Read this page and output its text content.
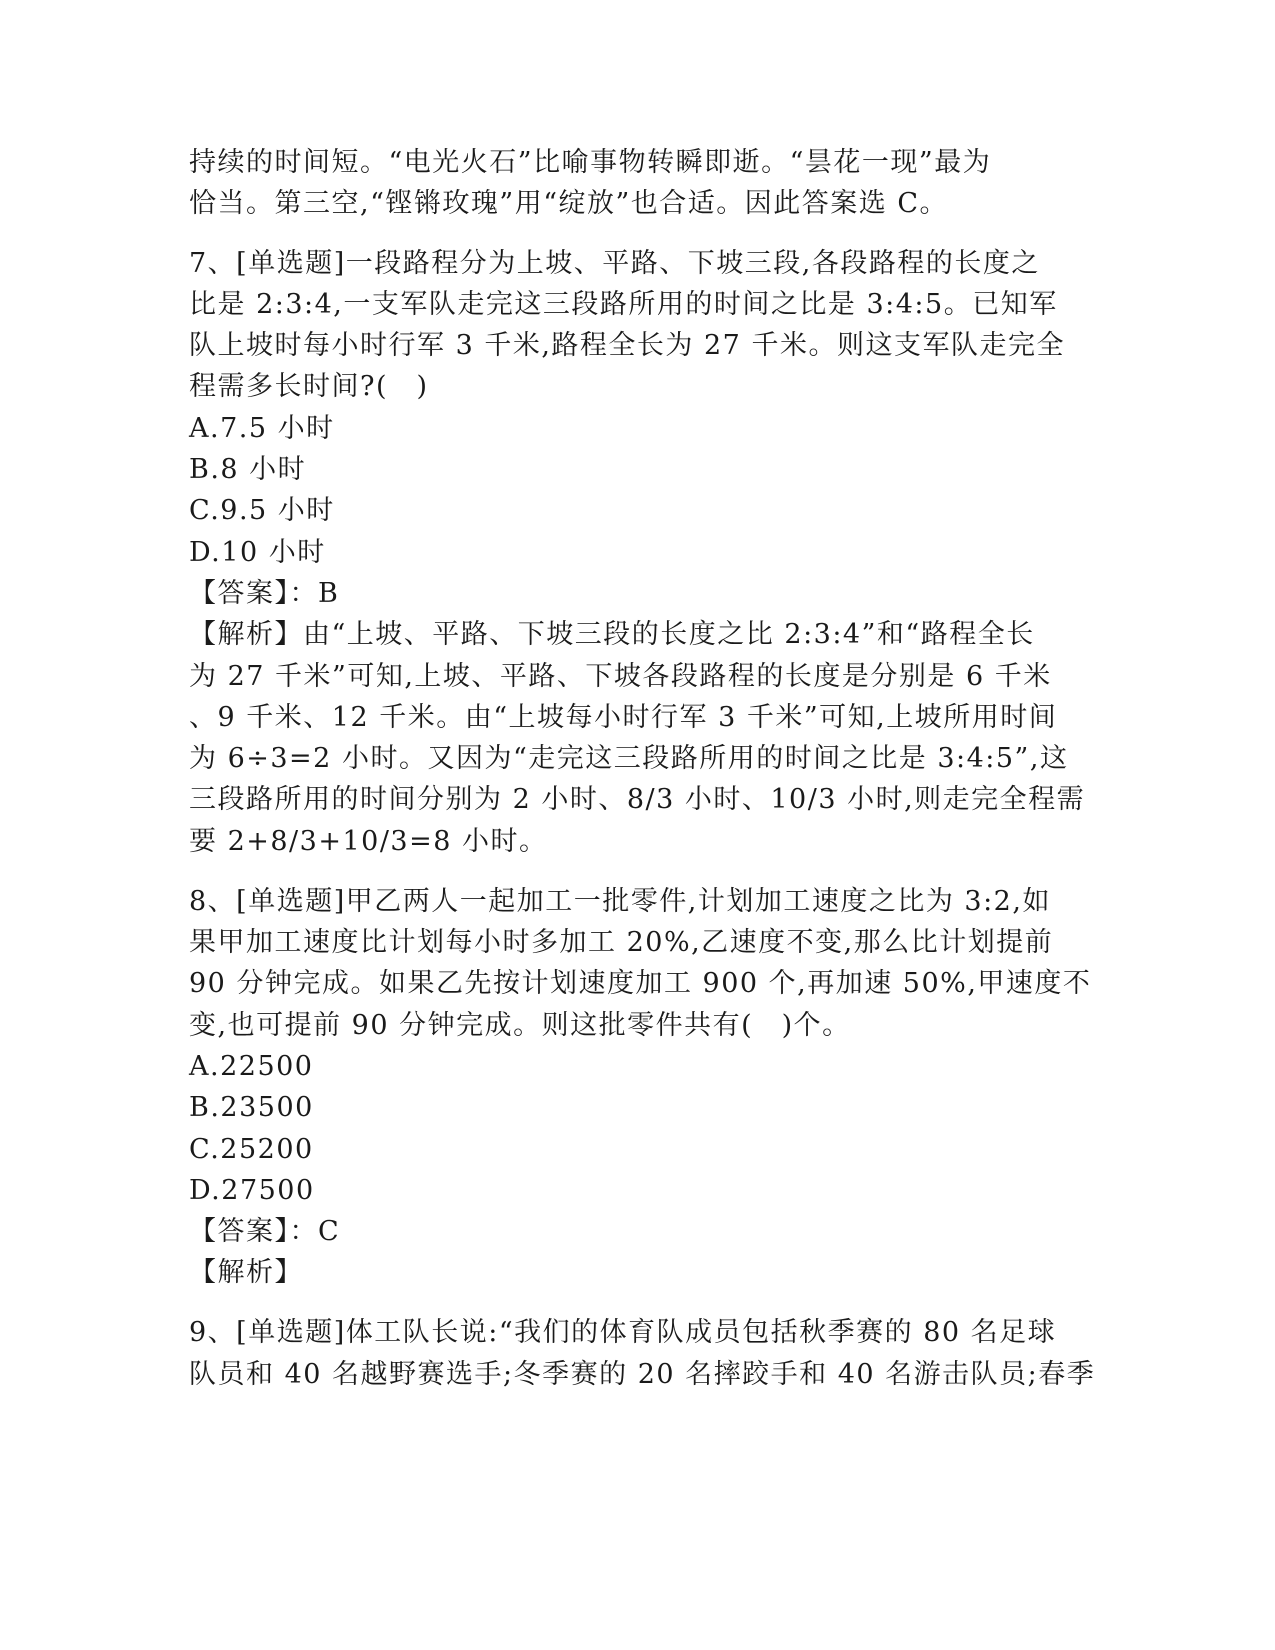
持续的时间短。“电光火石”比喻事物转瞬即逝。“昙花一现”最为

恰当。第三空,“铿锵玫瑰”用“绽放”也合适。因此答案选 C。

7、[单选题]一段路程分为上坡、平路、下坡三段,各段路程的长度之

比是 2:3:4,一支军队走完这三段路所用的时间之比是 3:4:5。已知军

队上坡时每小时行军 3 千米,路程全长为 27 千米。则这支军队走完全

程需多长时间?(　)

A.7.5 小时

B.8 小时

C.9.5 小时

D.10 小时

【答案】：B

【解析】由“上坡、平路、下坡三段的长度之比 2:3:4”和“路程全长

为 27 千米”可知,上坡、平路、下坡各段路程的长度是分别是 6 千米

、9 千米、12 千米。由“上坡每小时行军 3 千米”可知,上坡所用时间

为 6÷3=2 小时。又因为“走完这三段路所用的时间之比是 3:4:5”,这

三段路所用的时间分别为 2 小时、8/3 小时、10/3 小时,则走完全程需

要 2+8/3+10/3=8 小时。

8、[单选题]甲乙两人一起加工一批零件,计划加工速度之比为 3:2,如

果甲加工速度比计划每小时多加工 20%,乙速度不变,那么比计划提前

90 分钟完成。如果乙先按计划速度加工 900 个,再加速 50%,甲速度不

变,也可提前 90 分钟完成。则这批零件共有(　)个。

A.22500

B.23500

C.25200

D.27500

【答案】：C

【解析】

9、[单选题]体工队长说:“我们的体育队成员包括秋季赛的 80 名足球

队员和 40 名越野赛选手;冬季赛的 20 名摔跤手和 40 名游击队员;春季
